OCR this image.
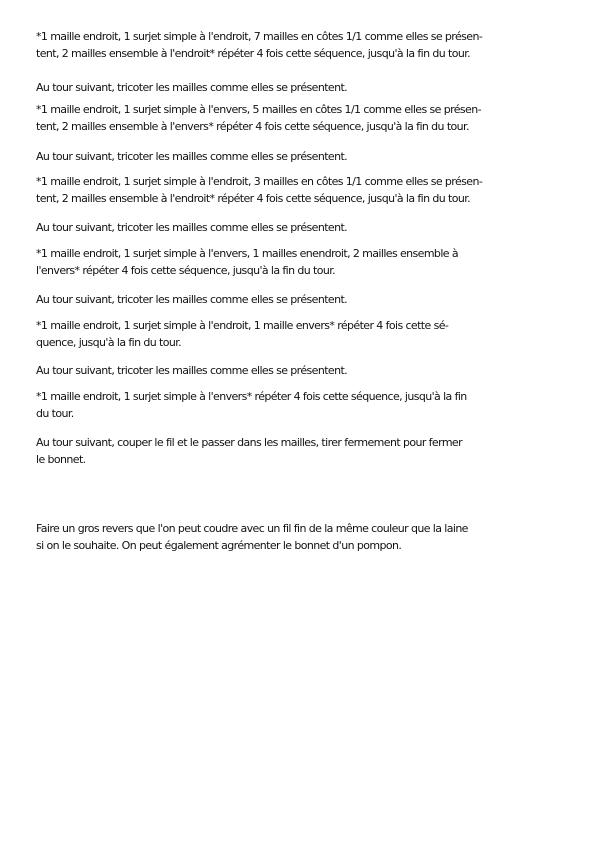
*1 maille endroit, 1 surjet simple à l'endroit, 7 mailles en côtes 1/1 comme elles se présen-
tent, 2 mailles ensemble à l'endroit* répéter 4 fois cette séquence, jusqu'à la fin du tour.

Au tour suivant, tricoter les mailles comme elles se présentent.

*1 maille endroit, 1 surjet simple à l'envers, 5 mailles en côtes 1/1 comme elles se présen-
tent, 2 mailles ensemble à l'envers* répéter 4 fois cette séquence, jusqu'à la fin du tour.

Au tour suivant, tricoter les mailles comme elles se présentent.

*1 maille endroit, 1 surjet simple à l'endroit, 3 mailles en côtes 1/1 comme elles se présen-
tent, 2 mailles ensemble à l'endroit* répéter 4 fois cette séquence, jusqu'à la fin du tour.

Au tour suivant, tricoter les mailles comme elles se présentent.

*1 maille endroit, 1 surjet simple à l'envers, 1 mailles enendroit, 2 mailles ensemble à
l'envers* répéter 4 fois cette séquence, jusqu'à la fin du tour.

Au tour suivant, tricoter les mailles comme elles se présentent.

*1 maille endroit, 1 surjet simple à l'endroit, 1 maille envers* répéter 4 fois cette sé-
quence, jusqu'à la fin du tour.

Au tour suivant, tricoter les mailles comme elles se présentent.

*1 maille endroit, 1 surjet simple à l'envers* répéter 4 fois cette séquence, jusqu'à la fin
du tour.

Au tour suivant, couper le fil et le passer dans les mailles, tirer fermement pour fermer
le bonnet.

Faire un gros revers que l'on peut coudre avec un fil fin de la même couleur que la laine
si on le souhaite. On peut également agrémenter le bonnet d'un pompon.
